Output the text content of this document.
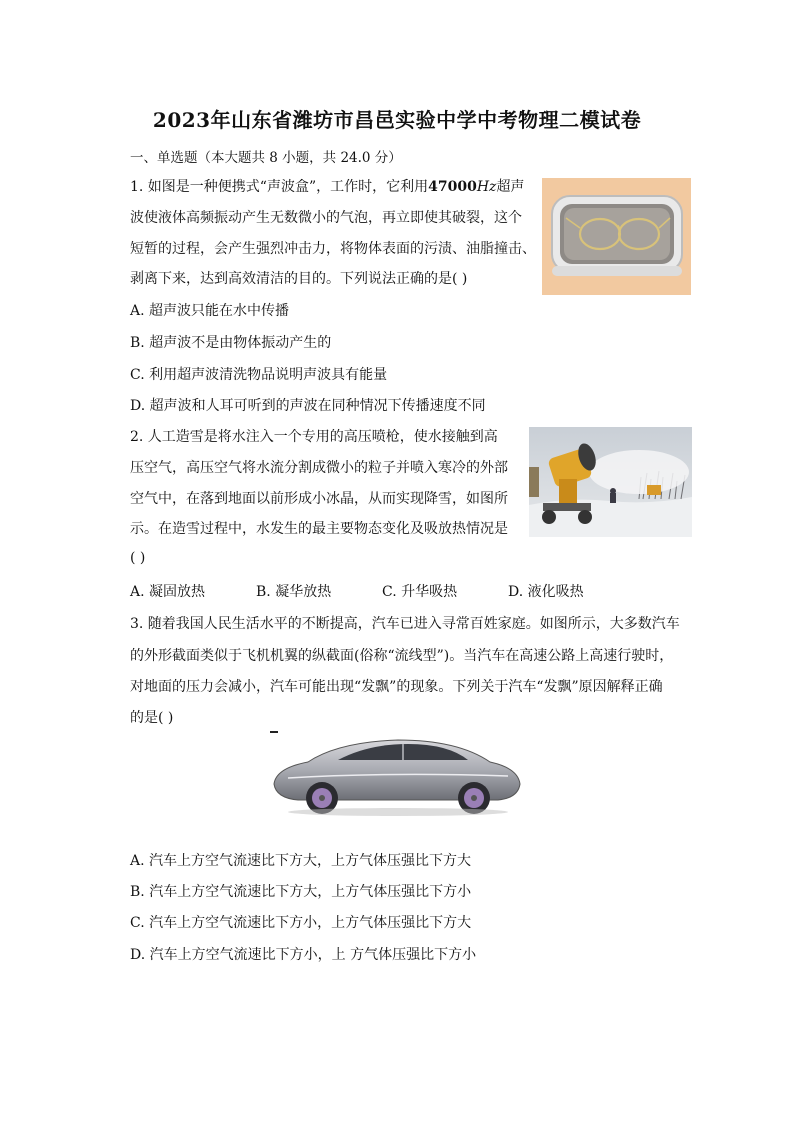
2023年山东省潍坊市昌邑实验中学中考物理二模试卷
一、单选题（本大题共 8 小题，共 24.0 分）
1. 如图是一种便携式“声波盒”，工作时，它利用47000Hz超声
波使液体高频振动产生无数微小的气泡，再立即使其破裂，这个
短暂的过程，会产生强烈冲击力，将物体表面的污渍、油脂撞击、
剥离下来，达到高效清洁的目的。下列说法正确的是( )
A. 超声波只能在水中传播
B. 超声波不是由物体振动产生的
C. 利用超声波清洗物品说明声波具有能量
D. 超声波和人耳可听到的声波在同种情况下传播速度不同
2. 人工造雪是将水注入一个专用的高压喷枪，使水接触到高
压空气，高压空气将水流分割成微小的粒子并喷入寒冷的外部
空气中，在落到地面以前形成小冰晶，从而实现降雪，如图所
示。在造雪过程中，水发生的最主要物态变化及吸放热情况是
( )
A. 凝固放热	B. 凝华放热	C. 升华吸热	D. 液化吸热
3. 随着我国人民生活水平的不断提高，汽车已进入寻常百姓家庭。如图所示，大多数汽车
的外形截面类似于飞机机翼的纵截面(俗称“流线型”)。当汽车在高速公路上高速行驶时，
对地面的压力会减小，汽车可能出现“发飘”的现象。下列关于汽车“发飘”原因解释正确
的是( )
A. 汽车上方空气流速比下方大，上方气体压强比下方大
B. 汽车上方空气流速比下方大，上方气体压强比下方小
C. 汽车上方空气流速比下方小，上方气体压强比下方大
D. 汽车上方空气流速比下方小，上 方气体压强比下方小
